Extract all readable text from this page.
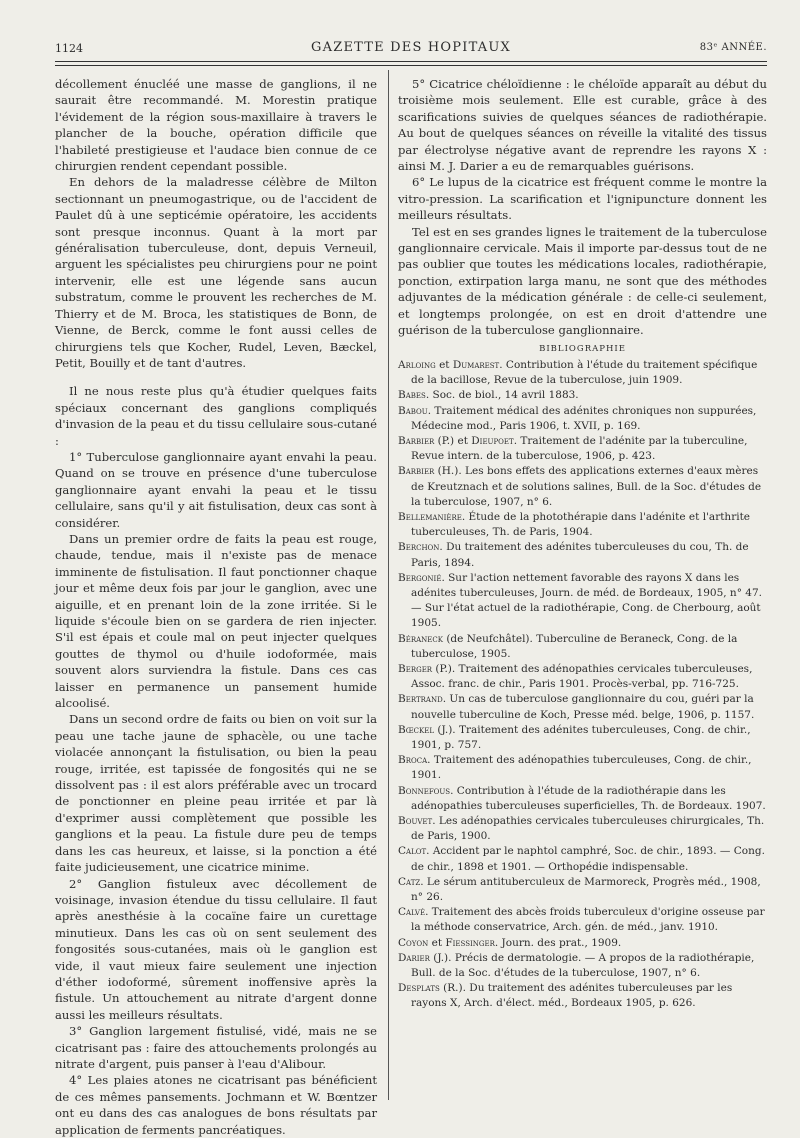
1124	GAZETTE DES HOPITAUX	83ᵉ ANNÉE.

décollement énucléé une masse de ganglions, il ne saurait être recommandé. M. Morestin pratique l'évidement de la région sous-maxillaire à travers le plancher de la bouche, opération difficile que l'habileté prestigieuse et l'audace bien connue de ce chirurgien rendent cependant possible.

En dehors de la maladresse célèbre de Milton sectionnant un pneumogastrique, ou de l'accident de Paulet dû à une septicémie opératoire, les accidents sont presque inconnus. Quant à la mort par généralisation tuberculeuse, dont, depuis Verneuil, arguent les spécialistes peu chirurgiens pour ne point intervenir, elle est une légende sans aucun substratum, comme le prouvent les recherches de M. Thierry et de M. Broca, les statistiques de Bonn, de Vienne, de Berck, comme le font aussi celles de chirurgiens tels que Kocher, Rudel, Leven, Bæckel, Petit, Bouilly et de tant d'autres.

Il ne nous reste plus qu'à étudier quelques faits spéciaux concernant des ganglions compliqués d'invasion de la peau et du tissu cellulaire sous-cutané :

1° Tuberculose ganglionnaire ayant envahi la peau. Quand on se trouve en présence d'une tuberculose ganglionnaire ayant envahi la peau et le tissu cellulaire, sans qu'il y ait fistulisation, deux cas sont à considérer.

Dans un premier ordre de faits la peau est rouge, chaude, tendue, mais il n'existe pas de menace imminente de fistulisation. Il faut ponctionner chaque jour et même deux fois par jour le ganglion, avec une aiguille, et en prenant loin de la zone irritée. Si le liquide s'écoule bien on se gardera de rien injecter. S'il est épais et coule mal on peut injecter quelques gouttes de thymol ou d'huile iodoformée, mais souvent alors surviendra la fistule. Dans ces cas laisser en permanence un pansement humide alcoolisé.

Dans un second ordre de faits ou bien on voit sur la peau une tache jaune de sphacèle, ou une tache violacée annonçant la fistulisation, ou bien la peau rouge, irritée, est tapissée de fongosités qui ne se dissolvent pas : il est alors préférable avec un trocard de ponctionner en pleine peau irritée et par là d'exprimer aussi complètement que possible les ganglions et la peau. La fistule dure peu de temps dans les cas heureux, et laisse, si la ponction a été faite judicieusement, une cicatrice minime.

2° Ganglion fistuleux avec décollement de voisinage, invasion étendue du tissu cellulaire. Il faut après anesthésie à la cocaïne faire un curettage minutieux. Dans les cas où on sent seulement des fongosités sous-cutanées, mais où le ganglion est vide, il vaut mieux faire seulement une injection d'éther iodoformé, sûrement inoffensive après la fistule. Un attouchement au nitrate d'argent donne aussi les meilleurs résultats.

3° Ganglion largement fistulisé, vidé, mais ne se cicatrisant pas : faire des attouchements prolongés au nitrate d'argent, puis panser à l'eau d'Alibour.

4° Les plaies atones ne cicatrisant pas bénéficient de ces mêmes pansements. Jochmann et W. Bœntzer ont eu dans des cas analogues de bons résultats par application de ferments pancréatiques.

5° Cicatrice chéloïdienne : le chéloïde apparaît au début du troisième mois seulement. Elle est curable, grâce à des scarifications suivies de quelques séances de radiothérapie. Au bout de quelques séances on réveille la vitalité des tissus par électrolyse négative avant de reprendre les rayons X : ainsi M. J. Darier a eu de remarquables guérisons.

6° Le lupus de la cicatrice est fréquent comme le montre la vitro-pression. La scarification et l'ignipuncture donnent les meilleurs résultats.

Tel est en ses grandes lignes le traitement de la tuberculose ganglionnaire cervicale. Mais il importe par-dessus tout de ne pas oublier que toutes les médications locales, radiothérapie, ponction, extirpation larga manu, ne sont que des méthodes adjuvantes de la médication générale : de celle-ci seulement, et longtemps prolongée, on est en droit d'attendre une guérison de la tuberculose ganglionnaire.

BIBLIOGRAPHIE

Arloing et Dumarest. Contribution à l'étude du traitement spécifique de la bacillose, Revue de la tuberculose, juin 1909.

Babes. Soc. de biol., 14 avril 1883.

Babou. Traitement médical des adénites chroniques non suppurées, Médecine mod., Paris 1906, t. XVII, p. 169.

Barbier (P.) et Dieupoet. Traitement de l'adénite par la tuberculine, Revue intern. de la tuberculose, 1906, p. 423.

Barbier (H.). Les bons effets des applications externes d'eaux mères de Kreutznach et de solutions salines, Bull. de la Soc. d'études de la tuberculose, 1907, n° 6.

Bellemanière. Étude de la photothérapie dans l'adénite et l'arthrite tuberculeuses, Th. de Paris, 1904.

Berchon. Du traitement des adénites tuberculeuses du cou, Th. de Paris, 1894.

Bergonié. Sur l'action nettement favorable des rayons X dans les adénites tuberculeuses, Journ. de méd. de Bordeaux, 1905, n° 47. — Sur l'état actuel de la radiothérapie, Cong. de Cherbourg, août 1905.

Béraneck (de Neufchâtel). Tuberculine de Beraneck, Cong. de la tuberculose, 1905.

Berger (P.). Traitement des adénopathies cervicales tuberculeuses, Assoc. franc. de chir., Paris 1901. Procès-verbal, pp. 716-725.

Bertrand. Un cas de tuberculose ganglionnaire du cou, guéri par la nouvelle tuberculine de Koch, Presse méd. belge, 1906, p. 1157.

Bœckel (J.). Traitement des adénites tuberculeuses, Cong. de chir., 1901, p. 757.

Broca. Traitement des adénopathies tuberculeuses, Cong. de chir., 1901.

Bonnefous. Contribution à l'étude de la radiothérapie dans les adénopathies tuberculeuses superficielles, Th. de Bordeaux. 1907.

Bouvet. Les adénopathies cervicales tuberculeuses chirurgicales, Th. de Paris, 1900.

Calot. Accident par le naphtol camphré, Soc. de chir., 1893. — Cong. de chir., 1898 et 1901. — Orthopédie indispensable.

Catz. Le sérum antituberculeux de Marmoreck, Progrès méd., 1908, n° 26.

Calvé. Traitement des abcès froids tuberculeux d'origine osseuse par la méthode conservatrice, Arch. gén. de méd., janv. 1910.

Coyon et Fiessinger. Journ. des prat., 1909.

Darier (J.). Précis de dermatologie. — A propos de la radiothérapie, Bull. de la Soc. d'études de la tuberculose, 1907, n° 6.

Desplats (R.). Du traitement des adénites tuberculeuses par les rayons X, Arch. d'élect. méd., Bordeaux 1905, p. 626.
